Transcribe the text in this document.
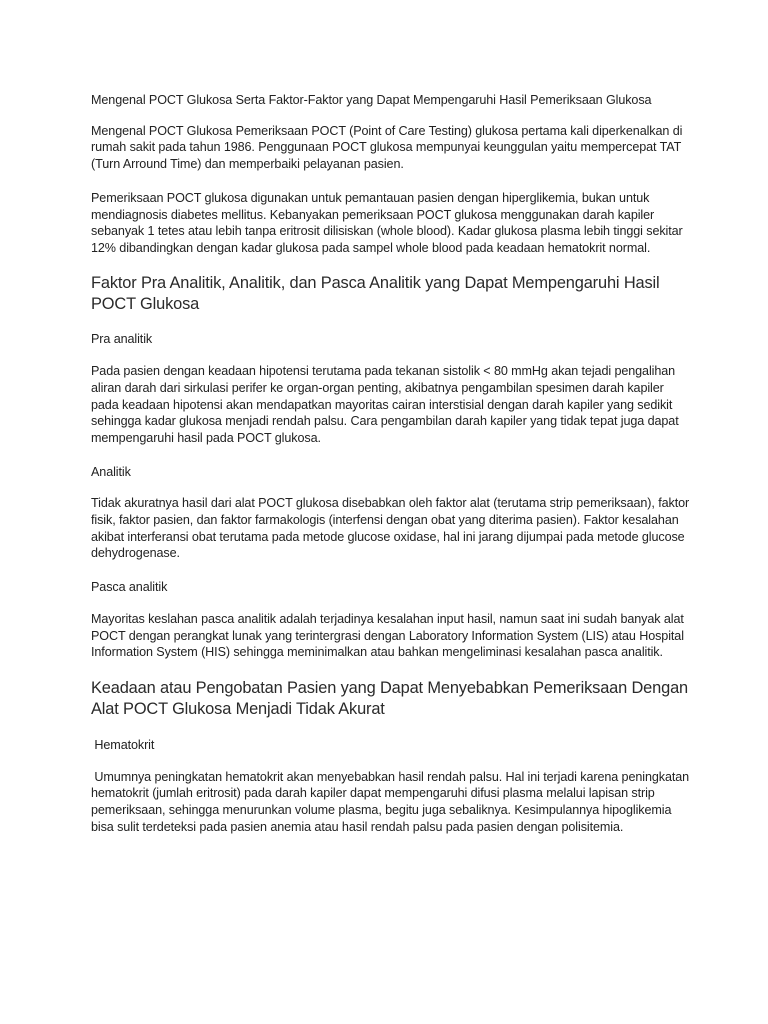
Mengenal POCT Glukosa Serta Faktor-Faktor yang Dapat Mempengaruhi Hasil Pemeriksaan Glukosa

Mengenal POCT Glukosa Pemeriksaan POCT (Point of Care Testing) glukosa pertama kali diperkenalkan di rumah sakit pada tahun 1986. Penggunaan POCT glukosa mempunyai keunggulan yaitu mempercepat TAT (Turn Arround Time) dan memperbaiki pelayanan pasien.

Pemeriksaan POCT glukosa digunakan untuk pemantauan pasien dengan hiperglikemia, bukan untuk mendiagnosis diabetes mellitus. Kebanyakan pemeriksaan POCT glukosa menggunakan darah kapiler sebanyak 1 tetes atau lebih tanpa eritrosit dilisiskan (whole blood). Kadar glukosa plasma lebih tinggi sekitar 12% dibandingkan dengan kadar glukosa pada sampel whole blood pada keadaan hematokrit normal.

Faktor Pra Analitik, Analitik, dan Pasca Analitik yang Dapat Mempengaruhi Hasil POCT Glukosa
Pra analitik

Pada pasien dengan keadaan hipotensi terutama pada tekanan sistolik < 80 mmHg akan tejadi pengalihan aliran darah dari sirkulasi perifer ke organ-organ penting, akibatnya pengambilan spesimen darah kapiler pada keadaan hipotensi akan mendapatkan mayoritas cairan interstisial dengan darah kapiler yang sedikit sehingga kadar glukosa menjadi rendah palsu. Cara pengambilan darah kapiler yang tidak tepat juga dapat mempengaruhi hasil pada POCT glukosa.

Analitik

Tidak akuratnya hasil dari alat POCT glukosa disebabkan oleh faktor alat (terutama strip pemeriksaan), faktor fisik, faktor pasien, dan faktor farmakologis (interfensi dengan obat yang diterima pasien). Faktor kesalahan akibat interferansi obat terutama pada metode glucose oxidase, hal ini jarang dijumpai pada metode glucose dehydrogenase.

Pasca analitik

Mayoritas keslahan pasca analitik adalah terjadinya kesalahan input hasil, namun saat ini sudah banyak alat POCT dengan perangkat lunak yang terintergrasi dengan Laboratory Information System (LIS) atau Hospital Information System (HIS) sehingga meminimalkan atau bahkan mengeliminasi kesalahan pasca analitik.

Keadaan atau Pengobatan Pasien yang Dapat Menyebabkan Pemeriksaan Dengan Alat POCT Glukosa Menjadi Tidak Akurat
Hematokrit

Umumnya peningkatan hematokrit akan menyebabkan hasil rendah palsu. Hal ini terjadi karena peningkatan hematokrit (jumlah eritrosit) pada darah kapiler dapat mempengaruhi difusi plasma melalui lapisan strip pemeriksaan, sehingga menurunkan volume plasma, begitu juga sebaliknya. Kesimpulannya hipoglikemia bisa sulit terdeteksi pada pasien anemia atau hasil rendah palsu pada pasien dengan polisitemia.
